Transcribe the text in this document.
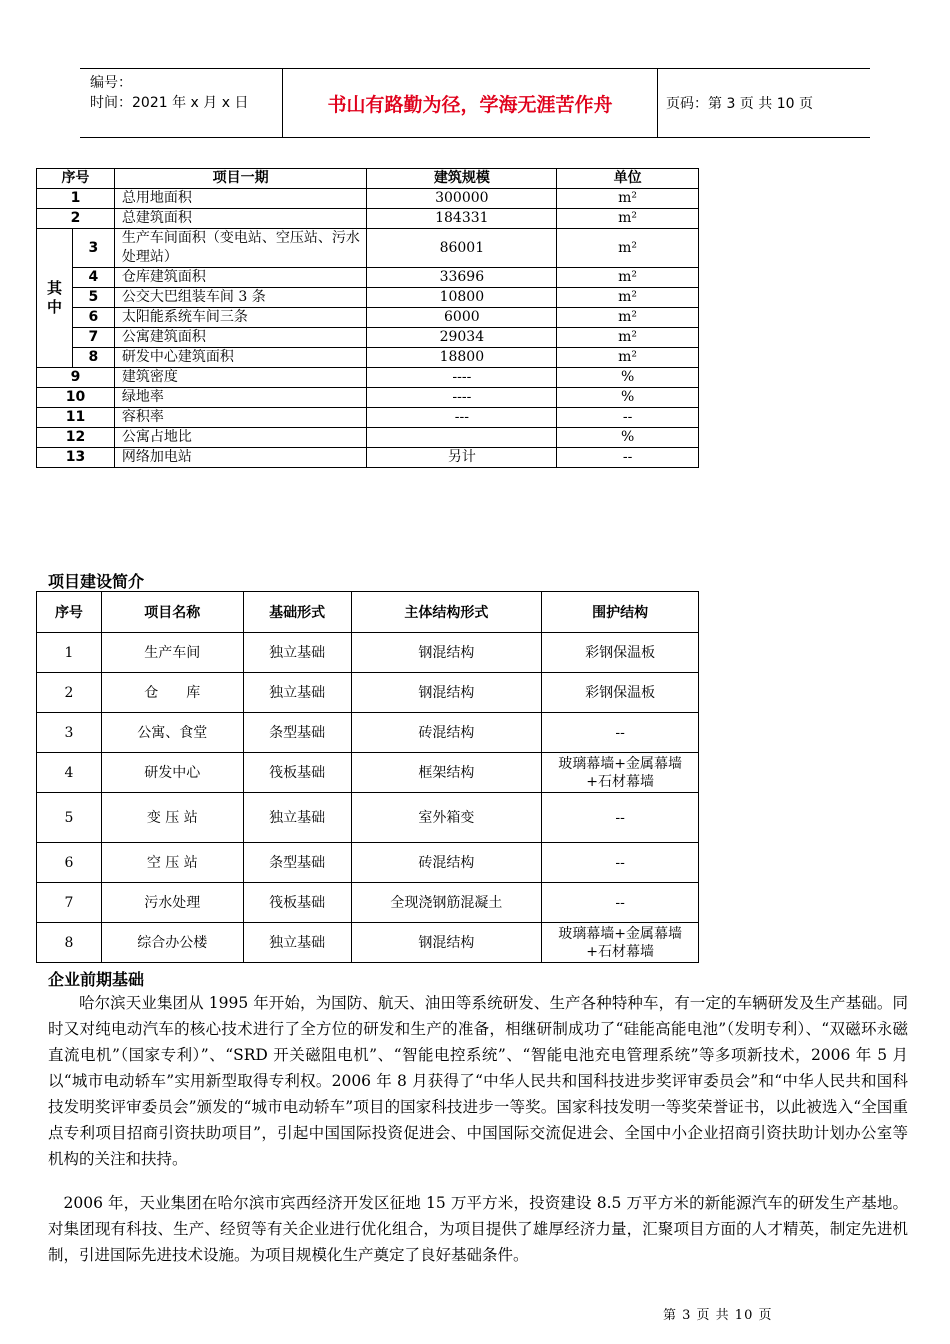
编号：
时间：2021 年 x 月 x 日	书山有路勤为径，学海无涯苦作舟	页码：第 3 页 共 10 页
序号		项目一期	建筑规模	单位
1		总用地面积	300000	m²
2		总建筑面积	184331	m²
其中	3	生产车间面积（变电站、空压站、污水处理站）	86001	m²
	4	仓库建筑面积	33696	m²
	5	公交大巴组装车间 3 条	10800	m²
	6	太阳能系统车间三条	6000	m²
	7	公寓建筑面积	29034	m²
	8	研发中心建筑面积	18800	m²
9		建筑密度	----	%
10		绿地率	----	%
11		容积率	---	--
12		公寓占地比		%
13		网络加电站	另计	--
项目建设简介
序号	项目名称	基础形式	主体结构形式	围护结构
1	生产车间	独立基础	钢混结构	彩钢保温板
2	仓　　库	独立基础	钢混结构	彩钢保温板
3	公寓、食堂	条型基础	砖混结构	--
4	研发中心	筏板基础	框架结构	玻璃幕墙+金属幕墙+石材幕墙
5	变 压 站	独立基础	室外箱变	--
6	空 压 站	条型基础	砖混结构	--
7	污水处理	筏板基础	全现浇钢筋混凝土	--
8	综合办公楼	独立基础	钢混结构	玻璃幕墙+金属幕墙+石材幕墙
企业前期基础
哈尔滨天业集团从 1995 年开始，为国防、航天、油田等系统研发、生产各种特种车，有一定的车辆研发及生产基础。同时又对纯电动汽车的核心技术进行了全方位的研发和生产的准备，相继研制成功了“硅能高能电池”（发明专利）、“双磁环永磁直流电机”（国家专利）”、“SRD 开关磁阻电机”、“智能电控系统”、“智能电池充电管理系统”等多项新技术，2006 年 5 月以“城市电动轿车”实用新型取得专利权。2006 年 8 月获得了“中华人民共和国科技进步奖评审委员会”和“中华人民共和国科技发明奖评审委员会”颁发的“城市电动轿车”项目的国家科技进步一等奖。国家科技发明一等奖荣誉证书，以此被选入“全国重点专利项目招商引资扶助项目”，引起中国国际投资促进会、中国国际交流促进会、全国中小企业招商引资扶助计划办公室等机构的关注和扶持。
2006 年，天业集团在哈尔滨市宾西经济开发区征地 15 万平方米，投资建设 8.5 万平方米的新能源汽车的研发生产基地。对集团现有科技、生产、经贸等有关企业进行优化组合，为项目提供了雄厚经济力量，汇聚项目方面的人才精英，制定先进机制，引进国际先进技术设施。为项目规模化生产奠定了良好基础条件。
第 3 页 共 10 页
